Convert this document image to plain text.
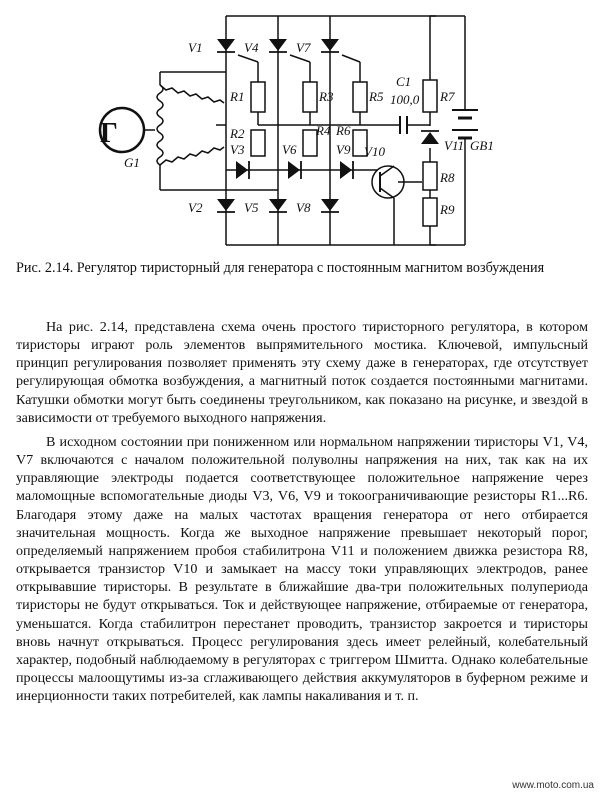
Г
G1
V1
V2
V3
V4
V5
V6
V7
V8
V9 V10	V11
R1
R2
R3
R4
R5
R6
R7
R8
R9
C1
100,0
GB1

Рис. 2.14. Регулятор тиристорный для генератора с постоянным магнитом возбуждения

На рис. 2.14, представлена схема очень простого тиристорного регулятора, в котором тиристоры играют роль элементов выпрямительного мостика. Ключевой, импульсный принцип регулирования позволяет применять эту схему даже в генераторах, где отсутствует регулирующая обмотка возбуждения, а магнитный поток создается постоянными магнитами. Катушки обмотки могут быть соединены треугольником, как показано на рисунке, и звездой в зависимости от требуемого выходного напряжения.

В исходном состоянии при пониженном или нормальном напряжении тиристоры V1, V4, V7 включаются с началом положительной полуволны напряжения на них, так как на их управляющие электроды подается соответствующее положительное напряжение через маломощные вспомогательные диоды V3, V6, V9 и токоограничивающие резисторы R1...R6. Благодаря этому даже на малых частотах вращения генератора от него отбирается значительная мощность. Когда же выходное напряжение превышает некоторый порог, определяемый напряжением пробоя стабилитрона V11 и положением движка резистора R8, открывается транзистор V10 и замыкает на массу токи управляющих электродов, ранее открывавшие тиристоры. В результате в ближайшие два-три положительных полупериода тиристоры не будут открываться. Ток и действующее напряжение, отбираемые от генератора, уменьшатся. Когда стабилитрон перестанет проводить, транзистор закроется и тиристоры вновь начнут открываться. Процесс регулирования здесь имеет релейный, колебательный характер, подобный наблюдаемому в регуляторах с триггером Шмитта. Однако колебательные процессы малоощутимы из-за сглаживающего действия аккумуляторов в буферном режиме и инерционности таких потребителей, как лампы накаливания и т. п.

www.moto.com.ua
